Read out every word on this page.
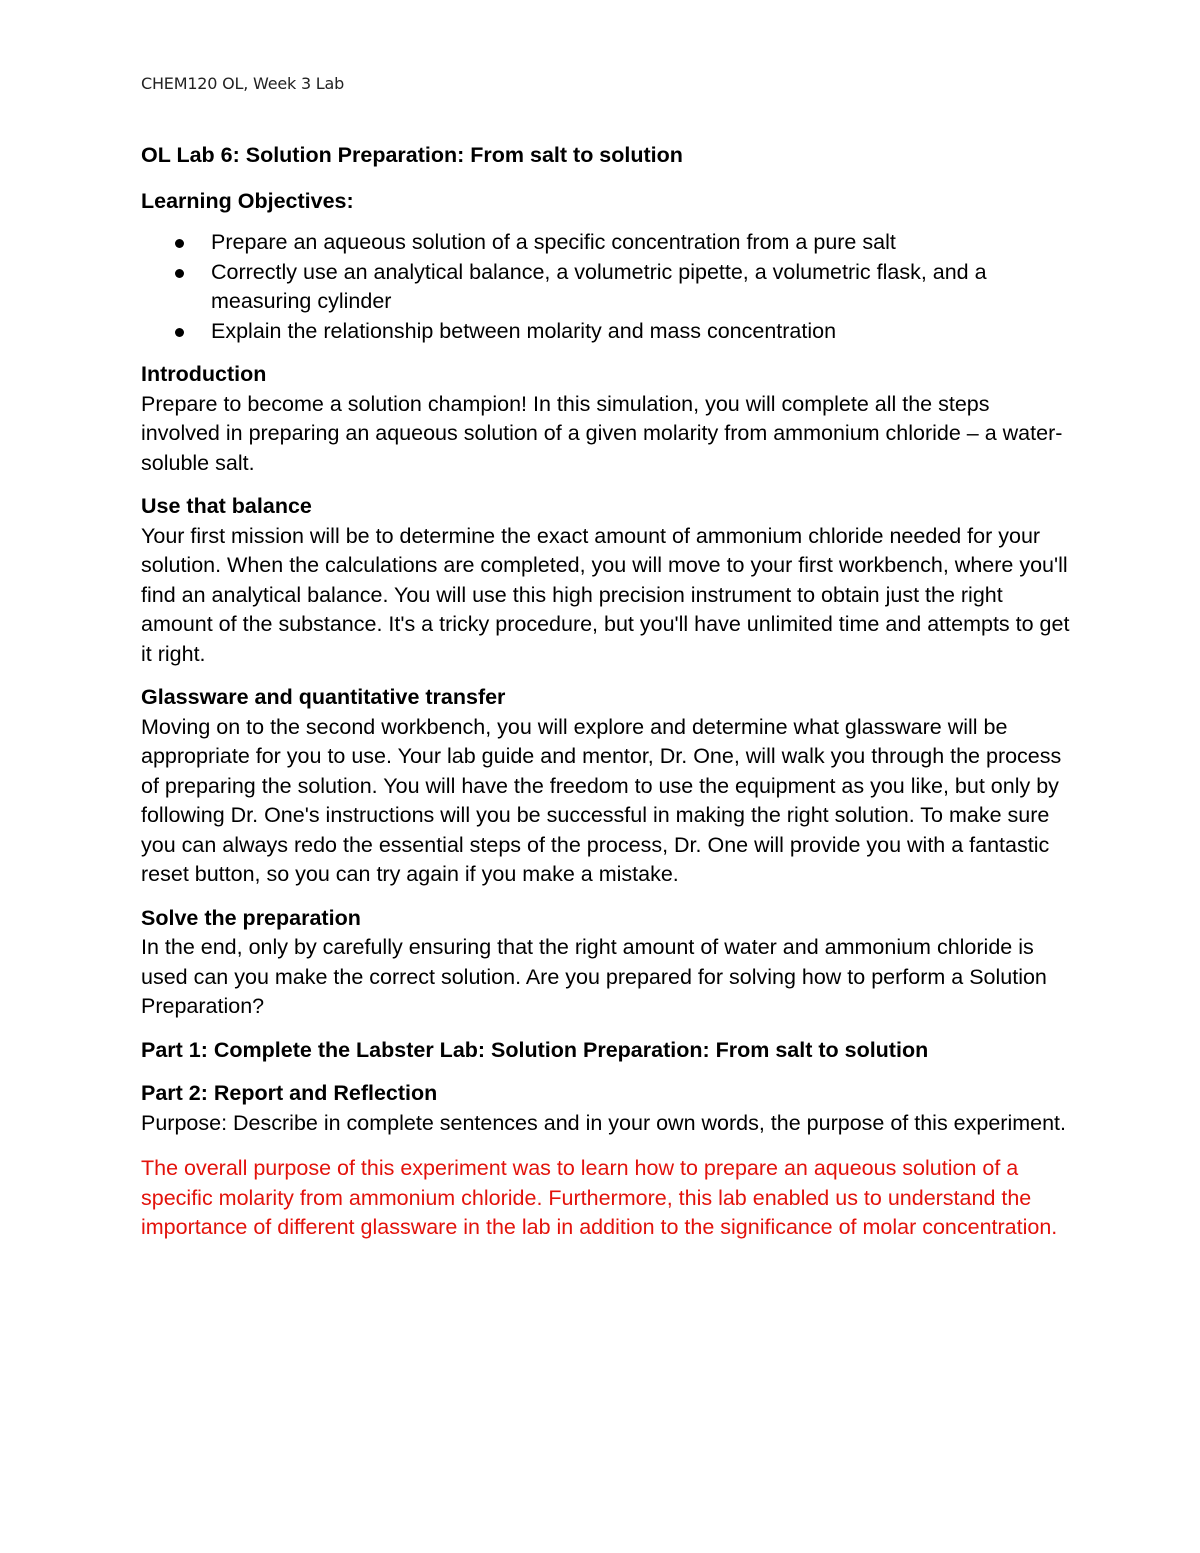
CHEM120 OL, Week 3 Lab

OL Lab 6: Solution Preparation: From salt to solution

Learning Objectives:

Prepare an aqueous solution of a specific concentration from a pure salt
Correctly use an analytical balance, a volumetric pipette, a volumetric flask, and a measuring cylinder
Explain the relationship between molarity and mass concentration

Introduction

Prepare to become a solution champion! In this simulation, you will complete all the steps involved in preparing an aqueous solution of a given molarity from ammonium chloride – a water-soluble salt.

Use that balance

Your first mission will be to determine the exact amount of ammonium chloride needed for your solution. When the calculations are completed, you will move to your first workbench, where you'll find an analytical balance. You will use this high precision instrument to obtain just the right amount of the substance. It's a tricky procedure, but you'll have unlimited time and attempts to get it right.

Glassware and quantitative transfer

Moving on to the second workbench, you will explore and determine what glassware will be appropriate for you to use. Your lab guide and mentor, Dr. One, will walk you through the process of preparing the solution. You will have the freedom to use the equipment as you like, but only by following Dr. One's instructions will you be successful in making the right solution. To make sure you can always redo the essential steps of the process, Dr. One will provide you with a fantastic reset button, so you can try again if you make a mistake.

Solve the preparation

In the end, only by carefully ensuring that the right amount of water and ammonium chloride is used can you make the correct solution. Are you prepared for solving how to perform a Solution Preparation?

Part 1: Complete the Labster Lab: Solution Preparation: From salt to solution

Part 2: Report and Reflection

Purpose: Describe in complete sentences and in your own words, the purpose of this experiment.

The overall purpose of this experiment was to learn how to prepare an aqueous solution of a specific molarity from ammonium chloride. Furthermore, this lab enabled us to understand the importance of different glassware in the lab in addition to the significance of molar concentration.
